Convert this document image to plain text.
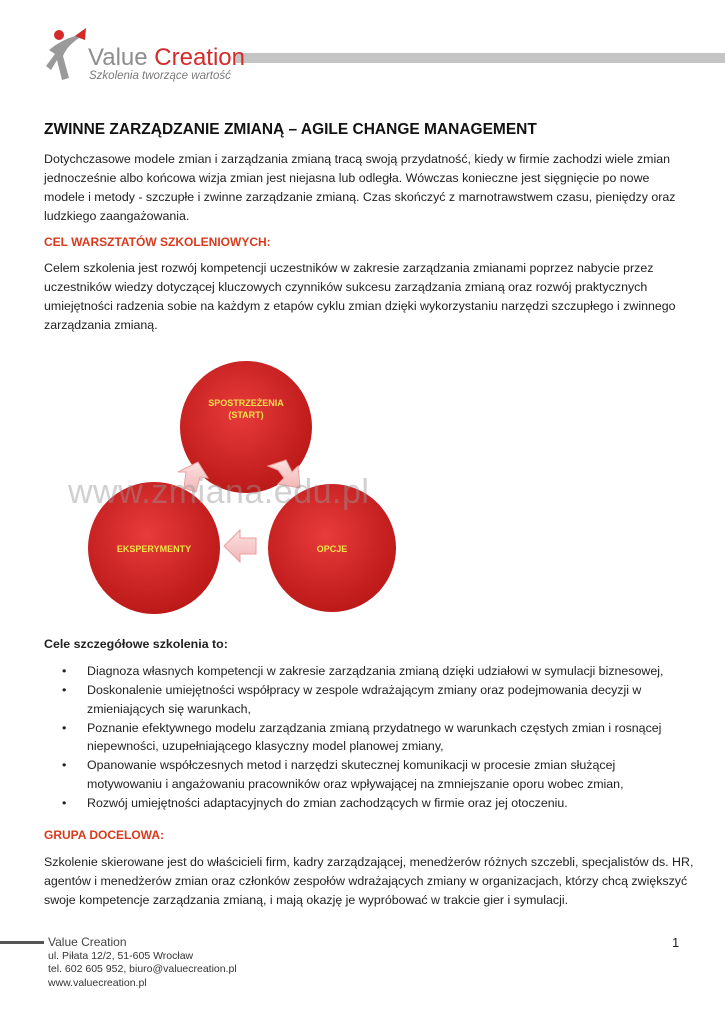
Value Creation
Szkolenia tworzące wartość
ZWINNE ZARZĄDZANIE ZMIANĄ – AGILE CHANGE MANAGEMENT

Dotychczasowe modele zmian i zarządzania zmianą tracą swoją przydatność, kiedy w firmie zachodzi wiele zmian

jednocześnie albo końcowa wizja zmian jest niejasna lub odległa. Wówczas konieczne jest sięgnięcie po nowe

modele i metody - szczupłe i zwinne zarządzanie zmianą. Czas skończyć z marnotrawstwem czasu, pieniędzy oraz

ludzkiego zaangażowania.

CEL WARSZTATÓW SZKOLENIOWYCH:

Celem szkolenia jest rozwój kompetencji uczestników w zakresie zarządzania zmianami poprzez nabycie przez

uczestników wiedzy dotyczącej kluczowych czynników sukcesu zarządzania zmianą oraz rozwój praktycznych

umiejętności radzenia sobie na każdym z etapów cyklu zmian dzięki wykorzystaniu narzędzi szczupłego i zwinnego

zarządzania zmianą.

SPOSTRZEŻENIA
(START)
OPCJE
EKSPERYMENTY
www.zmiana.edu.pl

Cele szczegółowe szkolenia to:

• Diagnoza własnych kompetencji w zakresie zarządzania zmianą dzięki udziałowi w symulacji biznesowej,
• Doskonalenie umiejętności współpracy w zespole wdrażającym zmiany oraz podejmowania decyzji w
zmieniających się warunkach,
• Poznanie efektywnego modelu zarządzania zmianą przydatnego w warunkach częstych zmian i rosnącej
niepewności, uzupełniającego klasyczny model planowej zmiany,
• Opanowanie współczesnych metod i narzędzi skutecznej komunikacji w procesie zmian służącej
motywowaniu i angażowaniu pracowników oraz wpływającej na zmniejszanie oporu wobec zmian,
• Rozwój umiejętności adaptacyjnych do zmian zachodzących w firmie oraz jej otoczeniu.

GRUPA DOCELOWA:

Szkolenie skierowane jest do właścicieli firm, kadry zarządzającej, menedżerów różnych szczebli, specjalistów ds. HR,

agentów i menedżerów zmian oraz członków zespołów wdrażających zmiany w organizacjach, którzy chcą zwiększyć

swoje kompetencje zarządzania zmianą, i mają okazję je wypróbować w trakcie gier i symulacji.

Value Creation
ul. Piłata 12/2, 51-605 Wrocław
tel. 602 605 952, biuro@valuecreation.pl
www.valuecreation.pl
1
